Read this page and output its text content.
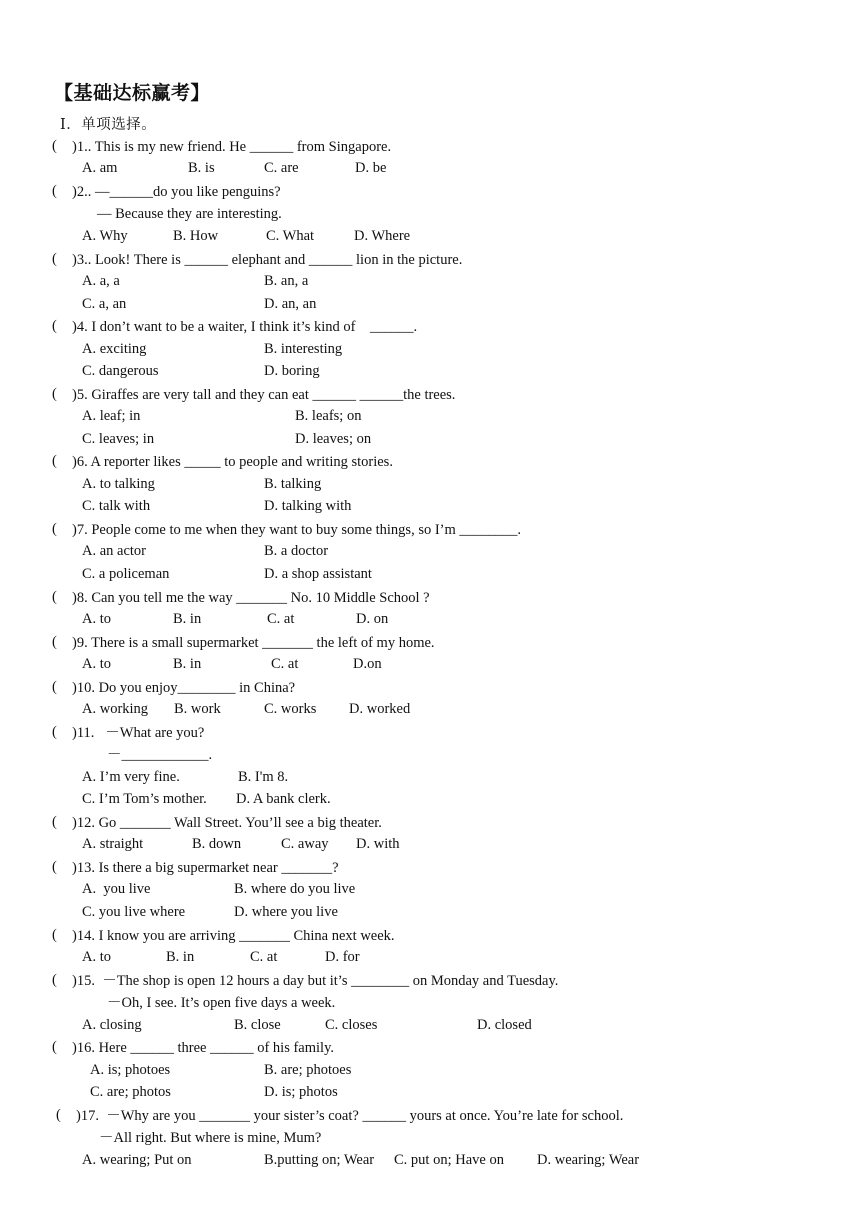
【基础达标赢考】
Ⅰ．单项选择。
( )1.. This is my new friend. He ______ from Singapore.
A. am	B. is	C. are	D. be
( )2.. —______do you like penguins?
— Because they are interesting.
A. Why	B. How	C. What	D. Where
( )3.. Look! There is ______ elephant and ______ lion in the picture.
A. a, a	B. an, a
C. a, an	D. an, an
( )4. I don’t want to be a waiter, I think it’s kind of    ______.
A. exciting	B. interesting
C. dangerous	D. boring
( )5. Giraffes are very tall and they can eat ______ ______the trees.
A. leaf; in	B. leafs; on
C. leaves; in	D. leaves; on
( )6. A reporter likes _____ to people and writing stories.
A. to talking	B. talking
C. talk with	D. talking with
( )7. People come to me when they want to buy some things, so I’m ________.
A. an actor	B. a doctor
C. a policeman	D. a shop assistant
( )8. Can you tell me the way _______ No. 10 Middle School ?
A. to	B. in	C. at	D. on
( )9. There is a small supermarket _______ the left of my home.
A. to	B. in	C. at	D.on
( )10. Do you enjoy________ in China?
A. working B. work	C. works D. worked
( )11.   －What are you?
－____________.
A. I’m very fine.	B. I'm 8.
C. I’m Tom’s mother. D. A bank clerk.
( )12. Go _______ Wall Street. You’ll see a big theater.
A. straight	B. down	C. away D. with
( )13. Is there a big supermarket near _______?
A.  you live	B. where do you live
C. you live where	D. where you live
( )14. I know you are arriving _______ China next week.
A. to	B. in	C. at	D. for
( )15.  －The shop is open 12 hours a day but it’s ________ on Monday and Tuesday.
－Oh, I see. It’s open five days a week.
A. closing	B. close	C. closes	D. closed
( )16. Here ______ three ______ of his family.
A. is; photoes	B. are; photoes
C. are; photos	D. is; photos
( )17.  －Why are you _______ your sister’s coat? ______ yours at once. You’re late for school.
－All right. But where is mine, Mum?
A. wearing; Put on	B.putting on; Wear C. put on; Have on D. wearing; Wear
